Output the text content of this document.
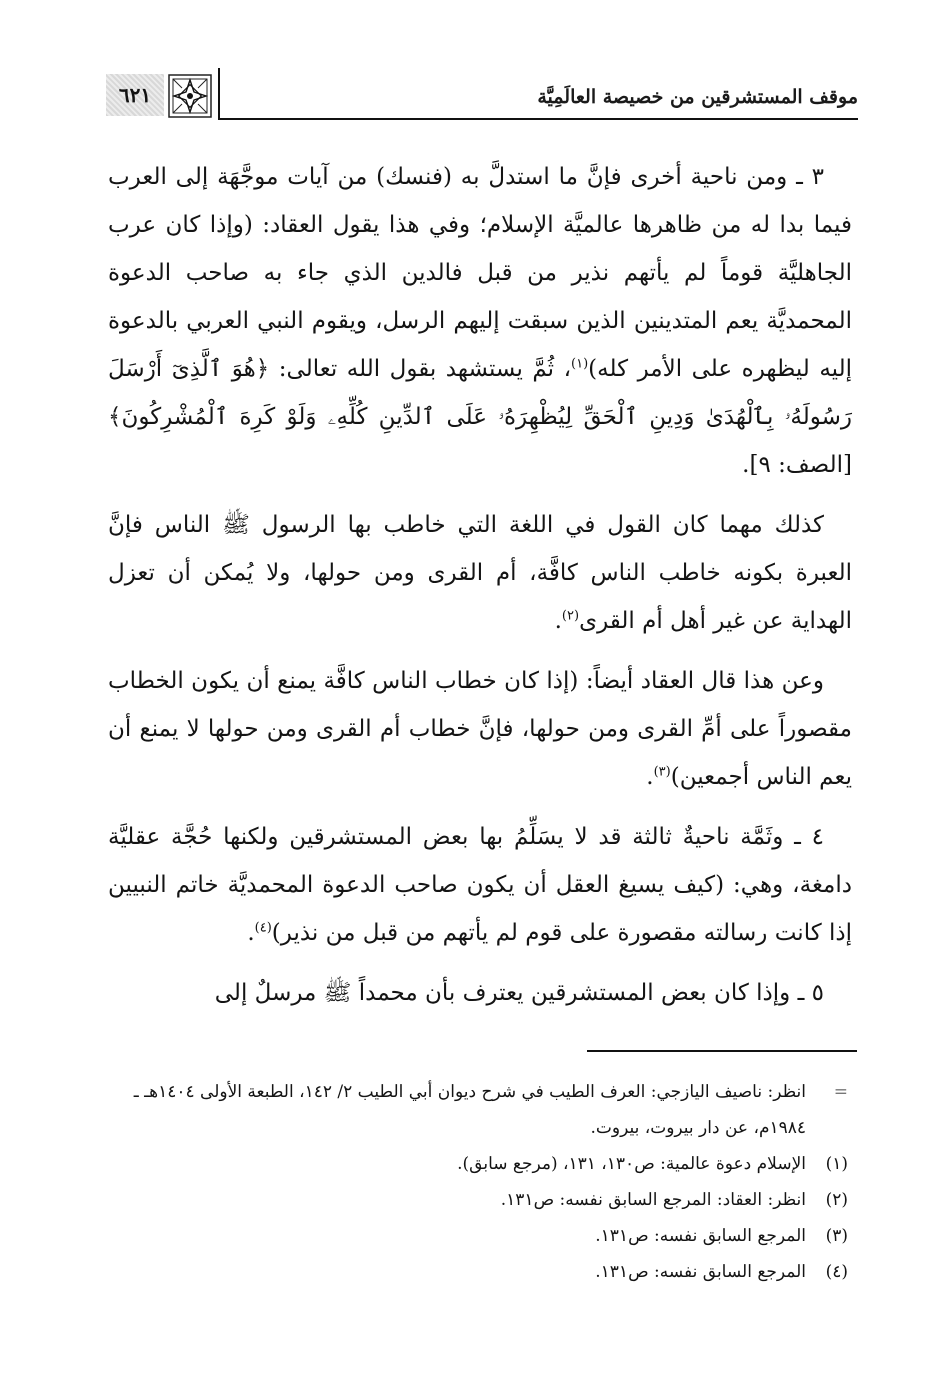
موقف المستشرقين من خصيصة العالَمِيَّة
٦٢١

٣ ـ ومن ناحية أخرى فإنَّ ما استدلَّ به (فنسك) من آيات موجَّهَة إلى العرب فيما بدا له من ظاهرها عالميَّة الإسلام؛ وفي هذا يقول العقاد: (وإذا كان عرب الجاهليَّة قوماً لم يأتهم نذير من قبل فالدين الذي جاء به صاحب الدعوة المحمديَّة يعم المتدينين الذين سبقت إليهم الرسل، ويقوم النبي العربي بالدعوة إليه ليظهره على الأمر كله)$^{(١)}$، ثُمَّ يستشهد بقول الله تعالى: ﴿هُوَ ٱلَّذِىٓ أَرْسَلَ رَسُولَهُۥ بِٱلْهُدَىٰ وَدِينِ ٱلْحَقِّ لِيُظْهِرَهُۥ عَلَى ٱلدِّينِ كُلِّهِۦ وَلَوْ كَرِهَ ٱلْمُشْرِكُونَ﴾ [الصف: ٩].

كذلك مهما كان القول في اللغة التي خاطب بها الرسول ﷺ الناس فإنَّ العبرة بكونه خاطب الناس كافَّة، أم القرى ومن حولها، ولا يُمكن أن تعزل الهداية عن غير أهل أم القرى$^{(٢)}$.

وعن هذا قال العقاد أيضاً: (إذا كان خطاب الناس كافَّة يمنع أن يكون الخطاب مقصوراً على أمِّ القرى ومن حولها، فإنَّ خطاب أم القرى ومن حولها لا يمنع أن يعم الناس أجمعين)$^{(٣)}$.

٤ ـ وثَمَّة ناحيةٌ ثالثة قد لا يسَلِّمُ بها بعض المستشرقين ولكنها حُجَّة عقليَّة دامغة، وهي: (كيف يسيغ العقل أن يكون صاحب الدعوة المحمديَّة خاتم النبيين إذا كانت رسالته مقصورة على قوم لم يأتهم من قبل من نذير)$^{(٤)}$.

٥ ـ وإذا كان بعض المستشرقين يعترف بأن محمداً ﷺ مرسلٌ إلى

=
انظر: ناصيف اليازجي: العرف الطيب في شرح ديوان أبي الطيب ٢/ ١٤٢، الطبعة الأولى ١٤٠٤هـ ـ ١٩٨٤م، عن دار بيروت، بيروت.
(١)
الإسلام دعوة عالمية: ص١٣٠، ١٣١، (مرجع سابق).
(٢)
انظر: العقاد: المرجع السابق نفسه: ص١٣١.
(٣)
المرجع السابق نفسه: ص١٣١.
(٤)
المرجع السابق نفسه: ص١٣١.
